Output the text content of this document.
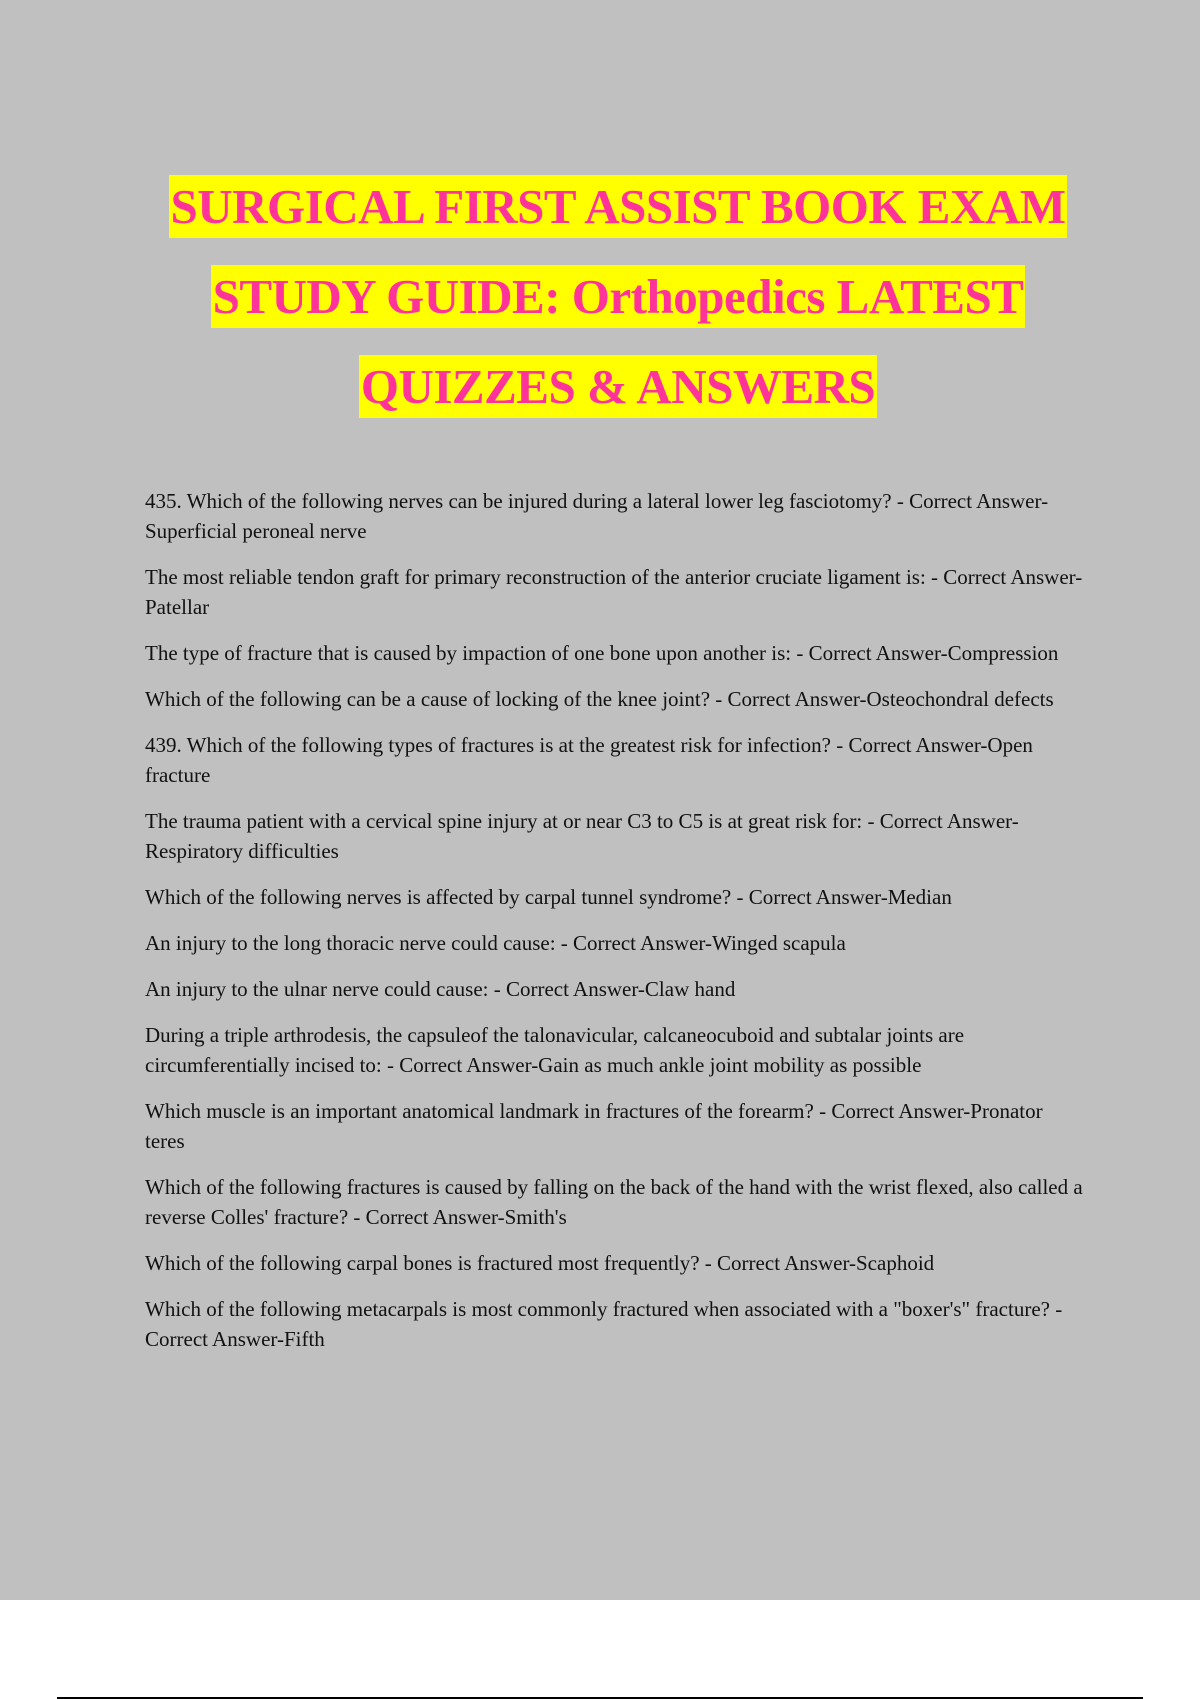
SURGICAL FIRST ASSIST BOOK EXAM
STUDY GUIDE: Orthopedics LATEST
QUIZZES & ANSWERS

435. Which of the following nerves can be injured during a lateral lower leg fasciotomy? - Correct Answer-Superficial peroneal nerve

The most reliable tendon graft for primary reconstruction of the anterior cruciate ligament is: - Correct Answer-Patellar

The type of fracture that is caused by impaction of one bone upon another is: - Correct Answer-Compression

Which of the following can be a cause of locking of the knee joint? - Correct Answer-Osteochondral defects

439. Which of the following types of fractures is at the greatest risk for infection? - Correct Answer-Open fracture

The trauma patient with a cervical spine injury at or near C3 to C5 is at great risk for: - Correct Answer-Respiratory difficulties

Which of the following nerves is affected by carpal tunnel syndrome? - Correct Answer-Median

An injury to the long thoracic nerve could cause: - Correct Answer-Winged scapula

An injury to the ulnar nerve could cause: - Correct Answer-Claw hand

During a triple arthrodesis, the capsuleof the talonavicular, calcaneocuboid and subtalar joints are circumferentially incised to: - Correct Answer-Gain as much ankle joint mobility as possible

Which muscle is an important anatomical landmark in fractures of the forearm? - Correct Answer-Pronator teres

Which of the following fractures is caused by falling on the back of the hand with the wrist flexed, also called a reverse Colles' fracture? - Correct Answer-Smith's

Which of the following carpal bones is fractured most frequently? - Correct Answer-Scaphoid

Which of the following metacarpals is most commonly fractured when associated with a "boxer's" fracture? - Correct Answer-Fifth
